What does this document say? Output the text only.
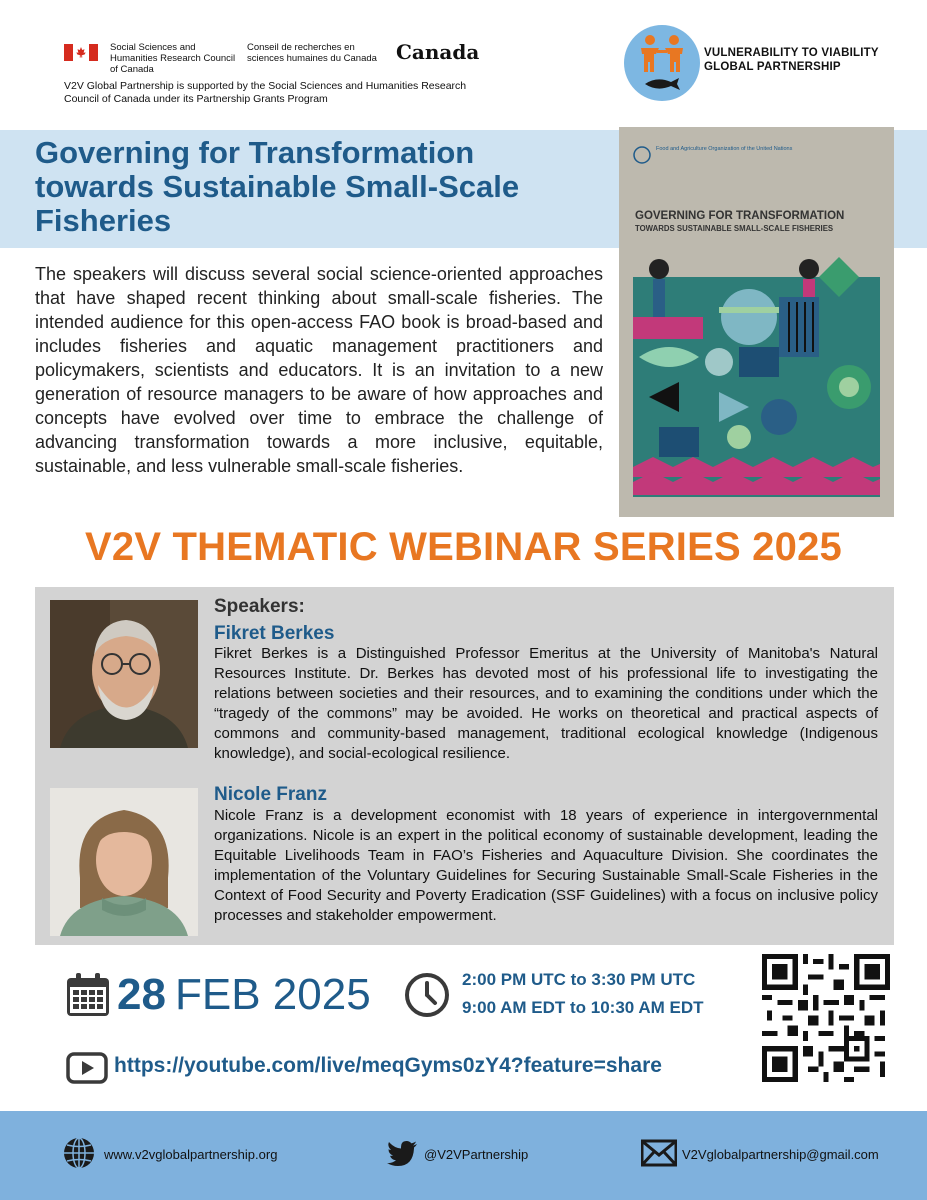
Social Sciences and Humanities Research Council of Canada
Conseil de recherches en sciences humaines du Canada Canada
V2V Global Partnership is supported by the Social Sciences and Humanities Research Council of Canada under its Partnership Grants Program
VULNERABILITY TO VIABILITY GLOBAL PARTNERSHIP
Governing for Transformation towards Sustainable Small-Scale Fisheries
Food and Agriculture Organization of the United Nations
GOVERNING FOR TRANSFORMATION
TOWARDS SUSTAINABLE SMALL-SCALE FISHERIES

The speakers will discuss several social science-oriented approaches that have shaped recent thinking about small-scale fisheries. The intended audience for this open-access FAO book is broad-based and includes fisheries and aquatic management practitioners and policymakers, scientists and educators. It is an invitation to a new generation of resource managers to be aware of how approaches and concepts have evolved over time to embrace the challenge of advancing transformation towards a more inclusive, equitable, sustainable, and less vulnerable small-scale fisheries.

V2V THEMATIC WEBINAR SERIES 2025
Speakers:
Fikret Berkes

Fikret Berkes is a Distinguished Professor Emeritus at the University of Manitoba's Natural Resources Institute. Dr. Berkes has devoted most of his professional life to investigating the relations between societies and their resources, and to examining the conditions under which the “tragedy of the commons” may be avoided. He works on theoretical and practical aspects of commons and community-based management, traditional ecological knowledge (Indigenous knowledge), and social-ecological resilience.

Nicole Franz

Nicole Franz is a development economist with 18 years of experience in intergovernmental organizations. Nicole is an expert in the political economy of sustainable development, leading the Equitable Livelihoods Team in FAO’s Fisheries and Aquaculture Division. She coordinates the implementation of the Voluntary Guidelines for Securing Sustainable Small-Scale Fisheries in the Context of Food Security and Poverty Eradication (SSF Guidelines) with a focus on inclusive policy processes and stakeholder empowerment.

28 FEB 2025	2:00 PM UTC to 3:30 PM UTC
9:00 AM EDT to 10:30 AM EDT
https://youtube.com/live/meqGyms0zY4?feature=share
www.v2vglobalpartnership.org	@V2VPartnership	V2Vglobalpartnership@gmail.com
